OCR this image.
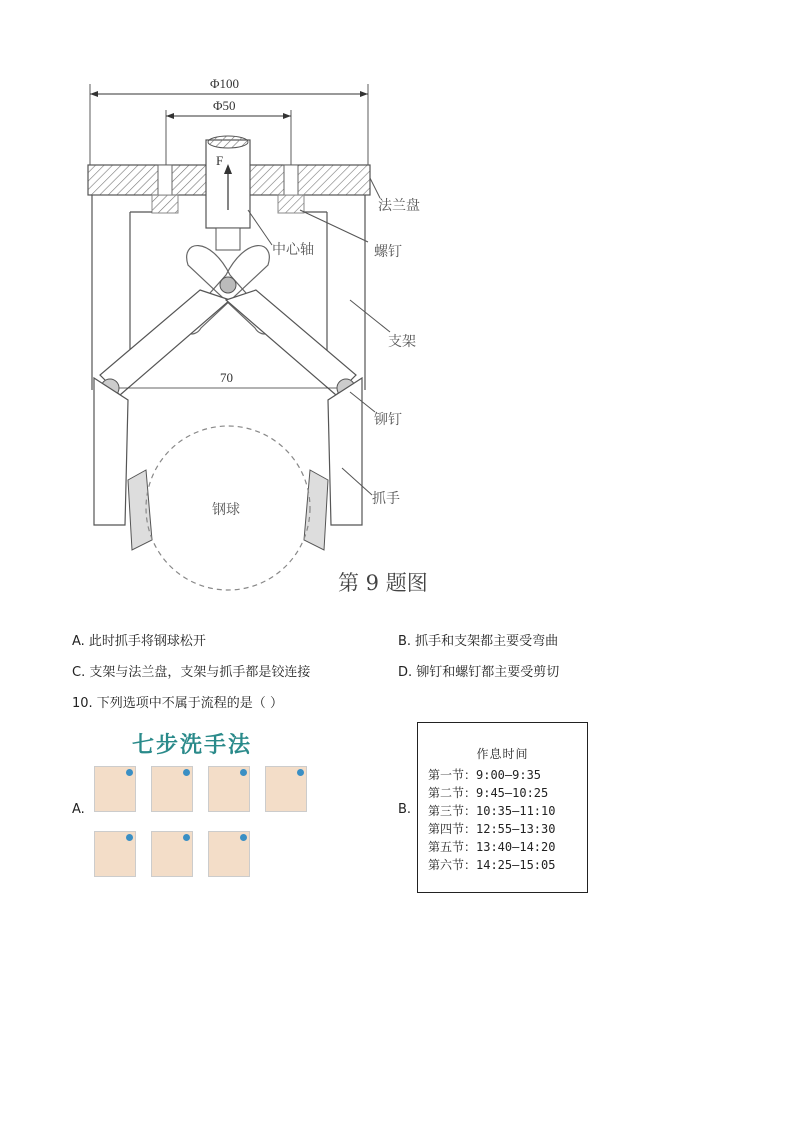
Φ100
Φ50
F
70
钢球
法兰盘
中心轴	螺钉
支架
铆钉
抓手
第 9 题图
A. 此时抓手将钢球松开	B. 抓手和支架都主要受弯曲
C. 支架与法兰盘，支架与抓手都是铰连接	D. 铆钉和螺钉都主要受剪切
10. 下列选项中不属于流程的是（ ）
A.
七步洗手法
B.
作息时间
第一节：9:00—9:35
第二节：9:45—10:25
第三节：10:35—11:10
第四节：12:55—13:30
第五节：13:40—14:20
第六节：14:25—15:05
